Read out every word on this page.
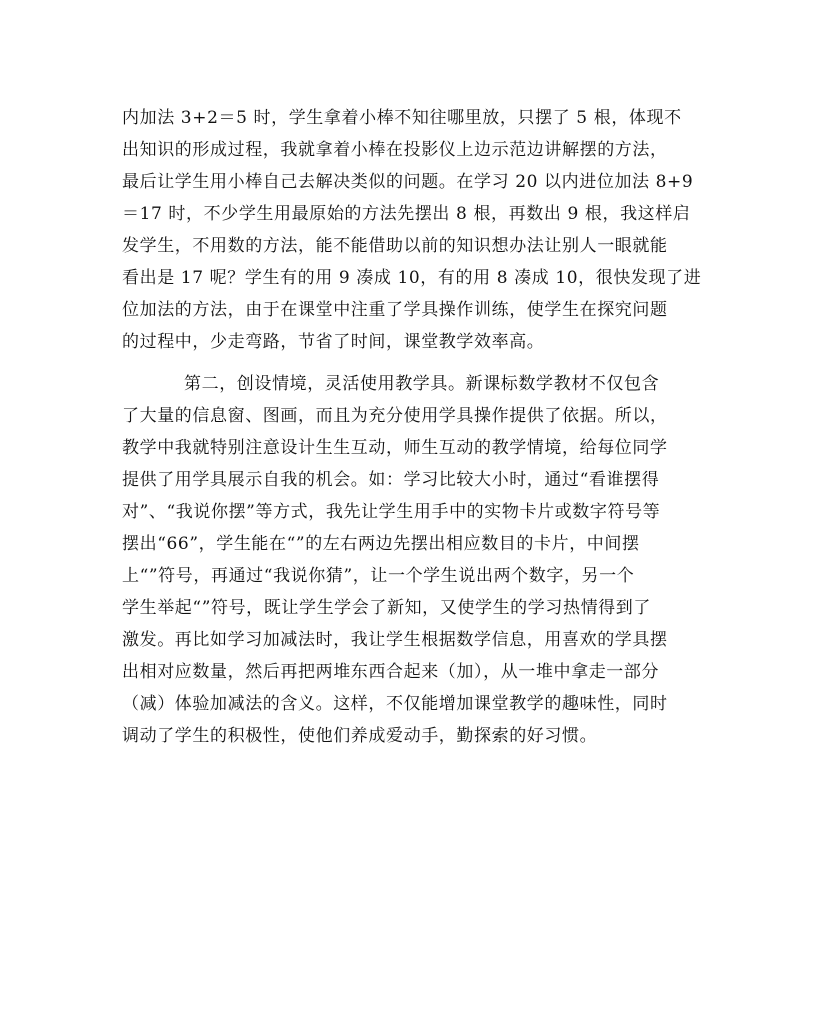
内加法 3+2＝5 时，学生拿着小棒不知往哪里放，只摆了 5 根，体现不
出知识的形成过程，我就拿着小棒在投影仪上边示范边讲解摆的方法，
最后让学生用小棒自己去解决类似的问题。在学习 20 以内进位加法 8+9
＝17 时，不少学生用最原始的方法先摆出 8 根，再数出 9 根，我这样启
发学生，不用数的方法，能不能借助以前的知识想办法让别人一眼就能
看出是 17 呢？学生有的用 9 凑成 10，有的用 8 凑成 10，很快发现了进
位加法的方法，由于在课堂中注重了学具操作训练，使学生在探究问题
的过程中，少走弯路，节省了时间，课堂教学效率高。
第二，创设情境，灵活使用教学具。新课标数学教材不仅包含
了大量的信息窗、图画，而且为充分使用学具操作提供了依据。所以，
教学中我就特别注意设计生生互动，师生互动的教学情境，给每位同学
提供了用学具展示自我的机会。如：学习比较大小时，通过“看谁摆得
对”、“我说你摆”等方式，我先让学生用手中的实物卡片或数字符号等
摆出“66”，学生能在“”的左右两边先摆出相应数目的卡片，中间摆
上“”符号，再通过“我说你猜”，让一个学生说出两个数字，另一个
学生举起“”符号，既让学生学会了新知，又使学生的学习热情得到了
激发。再比如学习加减法时，我让学生根据数学信息，用喜欢的学具摆
出相对应数量，然后再把两堆东西合起来（加），从一堆中拿走一部分
（减）体验加减法的含义。这样，不仅能增加课堂教学的趣味性，同时
调动了学生的积极性，使他们养成爱动手，勤探索的好习惯。
